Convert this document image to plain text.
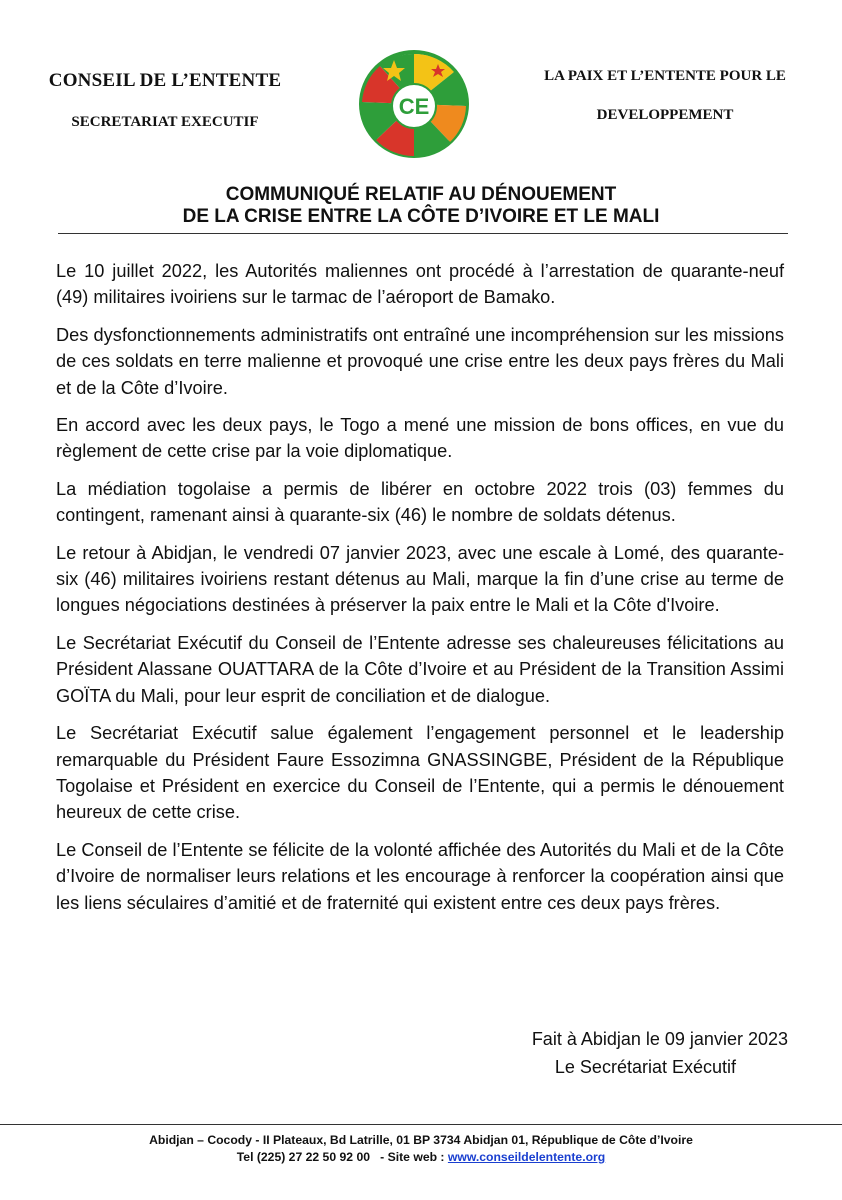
CONSEIL DE L’ENTENTE
SECRETARIAT EXECUTIF
CE
LA PAIX ET L’ENTENTE POUR LE
DEVELOPPEMENT
COMMUNIQUÉ RELATIF AU DÉNOUEMENT
DE LA CRISE ENTRE LA CÔTE D’IVOIRE ET LE MALI

Le 10 juillet 2022, les Autorités maliennes ont procédé à l’arrestation de quarante-neuf (49) militaires ivoiriens sur le tarmac de l’aéroport de Bamako.

Des dysfonctionnements administratifs ont entraîné une incompréhension sur les missions de ces soldats en terre malienne et provoqué une crise entre les deux pays frères du Mali et de la Côte d’Ivoire.

En accord avec les deux pays, le Togo a mené une mission de bons offices, en vue du règlement de cette crise par la voie diplomatique.

La médiation togolaise a permis de libérer en octobre 2022 trois (03) femmes du contingent, ramenant ainsi à quarante-six (46) le nombre de soldats détenus.

Le retour à Abidjan, le vendredi 07 janvier 2023, avec une escale à Lomé, des quarante-six (46) militaires ivoiriens restant détenus au Mali, marque la fin d’une crise au terme de longues négociations destinées à préserver la paix entre le Mali et la Côte d'Ivoire.

Le Secrétariat Exécutif du Conseil de l’Entente adresse ses chaleureuses félicitations au Président Alassane OUATTARA de la Côte d’Ivoire et au Président de la Transition Assimi GOÏTA du Mali, pour leur esprit de conciliation et de dialogue.

Le Secrétariat Exécutif salue également l’engagement personnel et le leadership remarquable du Président Faure Essozimna GNASSINGBE, Président de la République Togolaise et Président en exercice du Conseil de l’Entente, qui a permis le dénouement heureux de cette crise.

Le Conseil de l’Entente se félicite de la volonté affichée des Autorités du Mali et de la Côte d’Ivoire de normaliser leurs relations et les encourage à renforcer la coopération ainsi que les liens séculaires d’amitié et de fraternité qui existent entre ces deux pays frères.

Fait à Abidjan le 09 janvier 2023
Le Secrétariat Exécutif
Abidjan – Cocody - II Plateaux, Bd Latrille, 01 BP 3734 Abidjan 01, République de Côte d’Ivoire
Tel (225) 27 22 50 92 00   - Site web : www.conseildelentente.org
